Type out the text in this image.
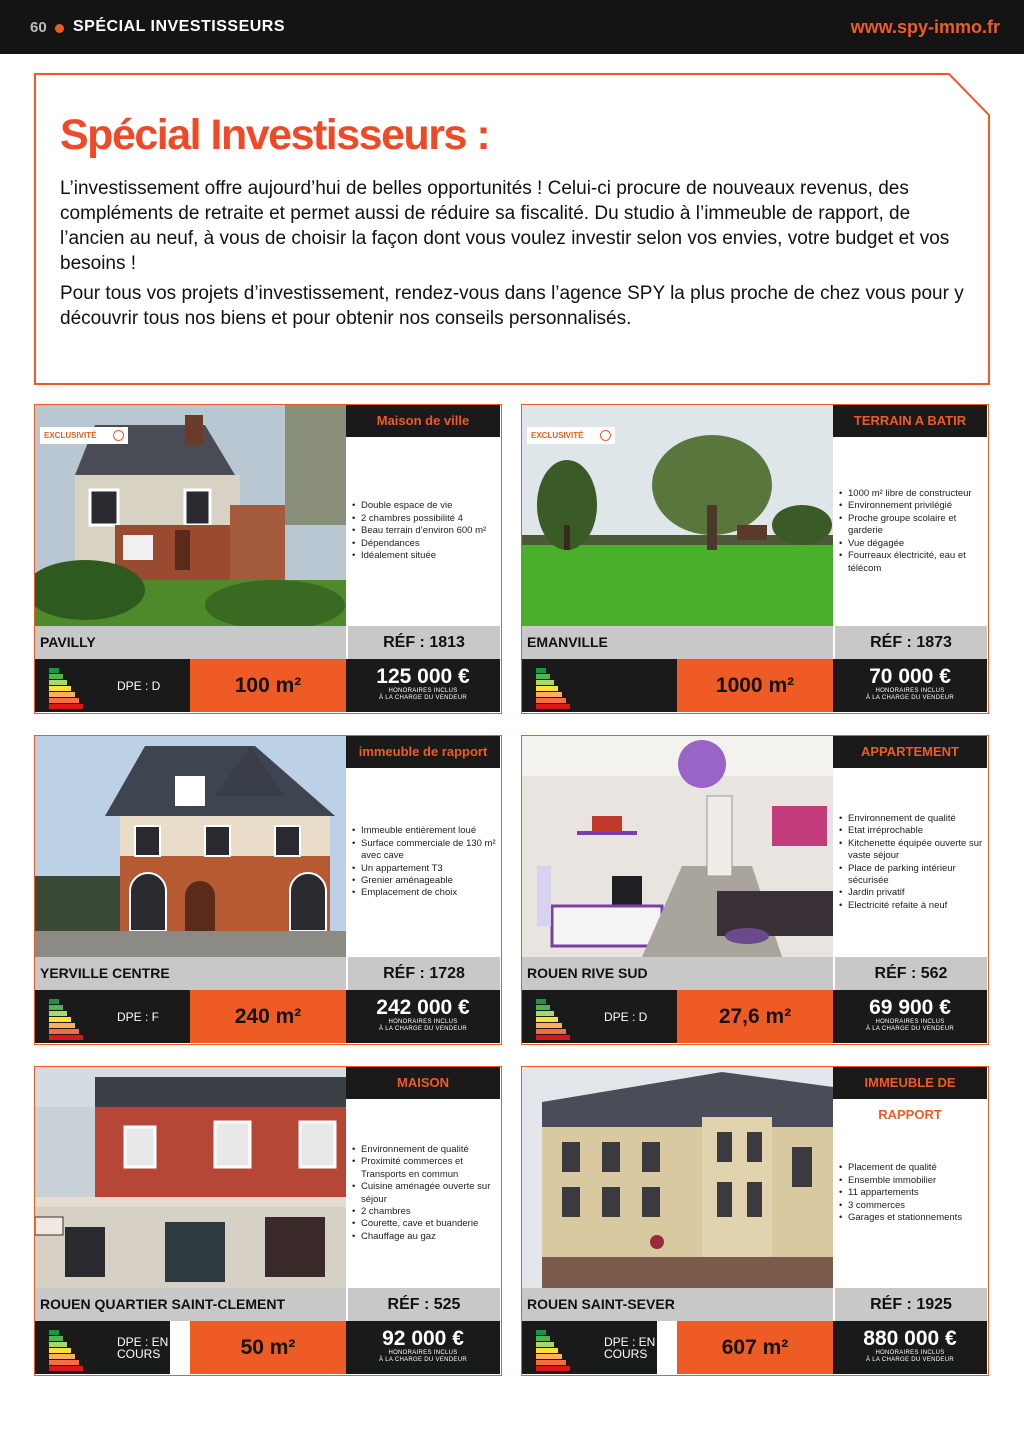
60 SPÉCIAL INVESTISSEURS	www.spy-immo.fr
Spécial Investisseurs :

L’investissement offre aujourd’hui de belles opportunités ! Celui-ci procure de nouveaux revenus, des compléments de retraite et permet aussi de réduire sa fiscalité. Du studio à l’immeuble de rapport, de l’ancien au neuf, à vous de choisir la façon dont vous voulez investir selon vos envies, votre budget et vos besoins !

Pour tous vos projets d’investissement, rendez-vous dans l’agence SPY la plus proche de chez vous pour y découvrir tous nos biens et pour obtenir nos conseils personnalisés.

EXCLUSIVITÉ
Maison de ville
• Double espace de vie
• 2 chambres possibilité 4
• Beau terrain d’environ 600 m²
• Dépendances
• Idéalement située
PAVILLY	RÉF : 1813
DPE : D	100 m²	125 000 €
HONORAIRES INCLUS
À LA CHARGE DU VENDEUR
EXCLUSIVITÉ
TERRAIN A BATIR
• 1000 m² libre de constructeur
• Environnement privilégié
• Proche groupe scolaire et garderie
• Vue dégagée
• Fourreaux électricité, eau et télécom
EMANVILLE	RÉF : 1873
1000 m²	70 000 €
HONORAIRES INCLUS
À LA CHARGE DU VENDEUR
immeuble de rapport
• Immeuble entièrement loué
• Surface commerciale de 130 m² avec cave
• Un appartement T3
• Grenier aménageable
• Emplacement de choix
YERVILLE CENTRE	RÉF : 1728
DPE : F	240 m²	242 000 €
HONORAIRES INCLUS
À LA CHARGE DU VENDEUR
APPARTEMENT
• Environnement de qualité
• Etat irréprochable
• Kitchenette équipée ouverte sur vaste séjour
• Place de parking intérieur sécurisée
• Jardin privatif
• Electricité refaite à neuf
ROUEN RIVE SUD	RÉF : 562
DPE : D	27,6 m²	69 900 €
HONORAIRES INCLUS
À LA CHARGE DU VENDEUR
MAISON
• Environnement de qualité
• Proximité commerces et Transports en commun
• Cuisine aménagée ouverte sur séjour
• 2 chambres
• Courette, cave et buanderie
• Chauffage au gaz
ROUEN QUARTIER SAINT-CLEMENT	RÉF : 525
DPE : EN COURS	50 m²	92 000 €
HONORAIRES INCLUS
À LA CHARGE DU VENDEUR
IMMEUBLE DE RAPPORT
• Placement de qualité
• Ensemble immobilier
• 11 appartements
• 3 commerces
• Garages et stationnements
ROUEN SAINT-SEVER	RÉF : 1925
DPE : EN COURS	607 m²	880 000 €
HONORAIRES INCLUS
À LA CHARGE DU VENDEUR
